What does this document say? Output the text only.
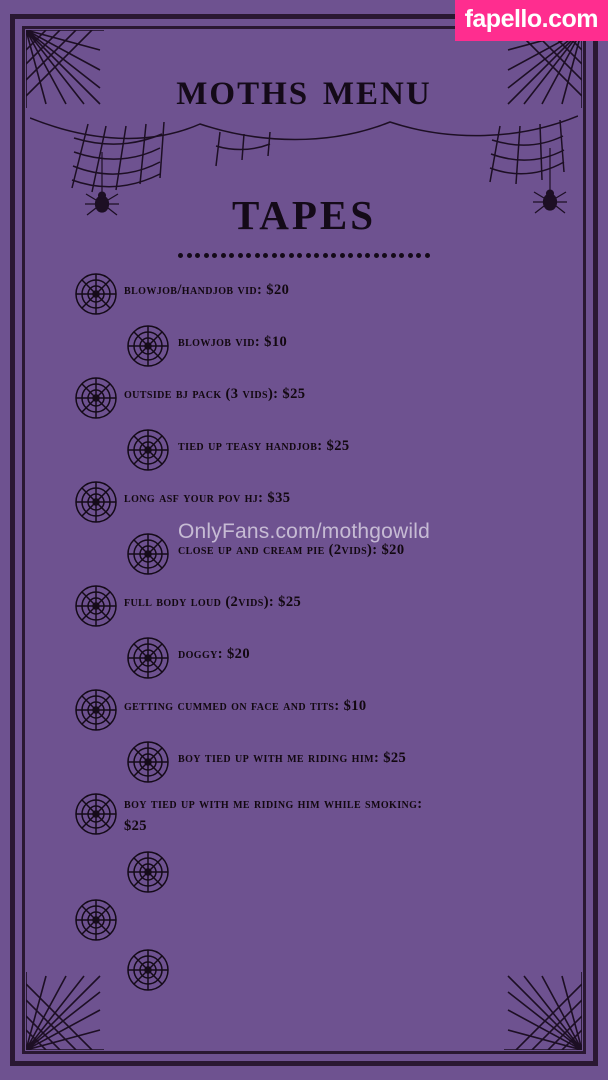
moths menu
tapes
blowjob/handjob vid: $20
blowjob vid: $10
outside bj pack (3 vids): $25
tied up teasy handjob: $25
long asf your pov hj: $35
close up and cream pie (2vids): $20
full body loud (2vids): $25
doggy: $20
getting cummed on face and tits: $10
boy tied up with me riding him: $25
boy tied up with me riding him while smoking: $25
OnlyFans.com/mothgowild
fapello.com
